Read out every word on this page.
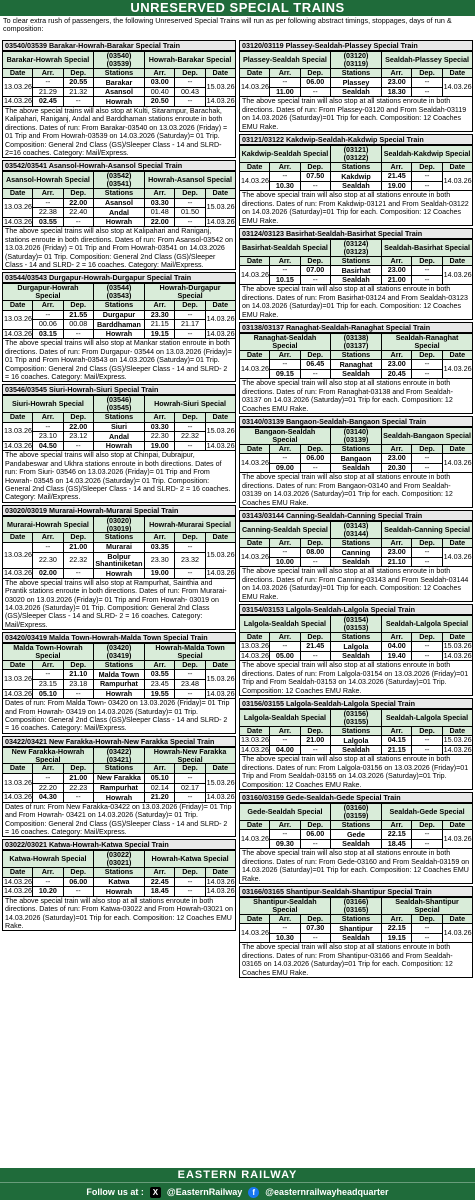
UNRESERVED SPECIAL TRAINS
To clear extra rush of passengers, the following Unreserved Special Trains will run as per following abstract timings, stoppages, days of run & composition:
03540/03539 Barakar-Howrah-Barakar Special Train
Barakar-Howrah Special			(03540)(03539)	Howrah-Barakar Special		
Date	Arr.	Dep.	Stations	Arr.	Dep.	Date
13.03.26	--	20.55	Barakar	03.00	--	15.03.26
	21.29	21.32	Asansol	00.40	00.43	
14.03.26	02.45	--	Howrah	20.50	--	14.03.26
The above special trains will also stop at Kulti, Sitarampur, Barachak, Kalipahari, Raniganj, Andal and Barddhaman stations enroute in both directions. Dates of run: From Barakar-03540 on 13.03.2026 (Friday) = 01 Trip and From Howrah-03539 on 14.03.2026 (Saturday)= 01 Trip. Composition: General 2nd Class (GS)/Sleeper Class - 14 and SLRD- 2=16 coaches. Category: Mail/Express.
03542/03541 Asansol-Howrah-Asansol Special Train
Asansol-Howrah Special			(03542)(03541)	Howrah-Asansol Special		
Date	Arr.	Dep.	Stations	Arr.	Dep.	Date
13.03.26	--	22.00	Asansol	03.30	--	15.03.26
	22.38	22.40	Andal	01.48	01.50	
14.03.26	03.55	--	Howrah	22.00	--	14.03.26
The above special trains will also stop at Kalipahari and Raniganj, stations enroute in both directions. Dates of run: From Asansol-03542 on 13.03.2026 (Friday) = 01 Trip and From Howrah-03541 on 14.03.2026 (Saturday)= 01 Trip. Composition: General 2nd Class (GS)/Sleeper Class - 14 and SLRD- 2 = 16 coaches. Category: Mail/Express.
03544/03543 Durgapur-Howrah-Durgapur Special Train
Durgapur-Howrah Special			(03544)(03543)	Howrah-Durgapur Special		
Date	Arr.	Dep.	Stations	Arr.	Dep.	Date
13.03.26	--	21.55	Durgapur	23.30	--	14.03.26
	00.06	00.08	Barddhaman	21.15	21.17	
14.03.26	03.15	--	Howrah	19.15	--	14.03.26
The above special trains will also stop at Mankar station enroute in both directions. Dates of run: From Durgapur- 03544 on 13.03.2026 (Friday)= 01 Trip and From Howrah-03543 on 14.03.2026 (Saturday)= 01 Trip. Composition: General 2nd Class (GS)/Sleeper Class - 14 and SLRD- 2 = 16 coaches. Category: Mail/Express.
03546/03545 Siuri-Howrah-Siuri Special Train
Siuri-Howrah Special			(03546)(03545)	Howrah-Siuri Special		
Date	Arr.	Dep.	Stations	Arr.	Dep.	Date
13.03.26	--	22.00	Siuri	03.30	--	15.03.26
	23.10	23.12	Andal	22.30	22.32	
14.03.26	04.50	--	Howrah	19.00	--	14.03.26
The above special trains will also stop at Chinpai, Dubrajpur, Pandabeswar and Ukhra stations enroute in both directions. Dates of run: From Siuri- 03546 on 13.03.2026 (Friday)= 01 Trip and From Howrah- 03545 on 14.03.2026 (Saturday)= 01 Trip. Composition: General 2nd Class (GS)/Sleeper Class - 14 and SLRD- 2 = 16 coaches. Category: Mail/Express.
03020/03019 Murarai-Howrah-Murarai Special Train
Murarai-Howrah Special			(03020)(03019)	Howrah-Murarai Special		
Date	Arr.	Dep.	Stations	Arr.	Dep.	Date
13.03.26	--	21.00	Murarai	03.35	--	15.03.26
	22.30	22.32	Bolpur Shantiniketan	23.30	23.32	
14.03.26	02.00	--	Howrah	19.00	--	14.03.26
The above special trains will also stop at Rampurhat, Sainthia and Prantik stations enroute in both directions. Dates of run: From Murarai- 03020 on 13.03.2026 (Friday)= 01 Trip and From Howrah- 03019 on 14.03.2026 (Saturday)= 01 Trip. Composition: General 2nd Class (GS)/Sleeper Class - 14 and SLRD- 2 = 16 coaches. Category: Mail/Express.
03420/03419 Malda Town-Howrah-Malda Town Special Train
Malda Town-Howrah Special			(03420)(03419)	Howrah-Malda Town Special		
Date	Arr.	Dep.	Stations	Arr.	Dep.	Date
13.03.26	--	21.10	Malda Town	03.55	--	15.03.26
	23.15	23.18	Rampurhat	23.45	23.48	
14.03.26	05.10	--	Howrah	19.55	--	14.03.26
Dates of run: From Malda Town- 03420 on 13.03.2026 (Friday)= 01 Trip and From Howrah- 03419 on 14.03.2026 (Saturday)= 01 Trip. Composition: General 2nd Class (GS)/Sleeper Class - 14 and SLRD- 2 = 16 coaches. Category: Mail/Express.
03422/03421 New Farakka-Howrah-New Farakka Special Train
New Farakka-Howrah Special			(03422)(03421)	Howrah-New Farakka Special		
Date	Arr.	Dep.	Stations	Arr.	Dep.	Date
13.03.26	--	21.00	New Farakka	05.10	--	15.03.26
	22.20	22.23	Rampurhat	02.14	02.17	
14.03.26	04.30	--	Howrah	21.20	--	14.03.26
Dates of run: From New Farakka-03422 on 13.03.2026 (Friday)= 01 Trip and From Howrah- 03421 on 14.03.2026 (Saturday)= 01 Trip. Composition: General 2nd Class (GS)/Sleeper Class - 14 and SLRD- 2 = 16 coaches. Category: Mail/Express.
03022/03021 Katwa-Howrah-Katwa Special Train
Katwa-Howrah Special			(03022)(03021)	Howrah-Katwa Special		
Date	Arr.	Dep.	Stations	Arr.	Dep.	Date
14.03.26	--	06.00	Katwa	22.45	--	14.03.26
14.03.26	10.20	--	Howrah	18.45	--	14.03.26
The above special train will also stop at all stations enroute in both directions. Dates of run: From Katwa-03022 and From Howrah-03021 on 14.03.2026 (Saturday)=01 Trip for each. Composition: 12 Coaches EMU Rake.
03120/03119 Plassey-Sealdah-Plassey Special Train
Plassey-Sealdah Special			(03120)(03119)	Sealdah-Plassey Special		
Date	Arr.	Dep.	Stations	Arr.	Dep.	Date
14.03.26	--	06.00	Plassey	23.00	--	14.03.26
	11.00	--	Sealdah	18.30	--	
The above special train will also stop at all stations enroute in both directions. Dates of run: From Plassey-03120 and From Sealdah-03119 on 14.03.2026 (Saturday)=01 Trip for each. Composition: 12 Coaches EMU Rake.
03121/03122 Kakdwip-Sealdah-Kakdwip Special Train
Kakdwip-Sealdah Special			(03121)(03122)	Sealdah-Kakdwip Special		
Date	Arr.	Dep.	Stations	Arr.	Dep.	Date
14.03.26	--	07.50	Kakdwip	21.45	--	14.03.26
	10.30	--	Sealdah	19.00	--	
The above special train will also stop at all stations enroute in both directions. Dates of run: From Kakdwip-03121 and From Sealdah-03122 on 14.03.2026 (Saturday)=01 Trip for each. Composition: 12 Coaches EMU Rake.
03124/03123 Basirhat-Sealdah-Basirhat Special Train
Basirhat-Sealdah Special			(03124)(03123)	Sealdah-Basirhat Special		
Date	Arr.	Dep.	Stations	Arr.	Dep.	Date
14.03.26	--	07.00	Basirhat	23.00	--	14.03.26
	10.15	--	Sealdah	21.00	--	
The above special train will also stop at all stations enroute in both directions. Dates of run: From Basirhat-03124 and From Sealdah-03123 on 14.03.2026 (Saturday)=01 Trip for each. Composition: 12 Coaches EMU Rake.
03138/03137 Ranaghat-Sealdah-Ranaghat Special Train
Ranaghat-Sealdah Special			(03138)(03137)	Sealdah-Ranaghat Special		
Date	Arr.	Dep.	Stations	Arr.	Dep.	Date
14.03.26	--	06.45	Ranaghat	23.00	--	14.03.26
	09.15	--	Sealdah	20.45	--	
The above special train will also stop at all stations enroute in both directions. Dates of run: From Ranaghat-03138 and From Sealdah-03137 on 14.03.2026 (Saturday)=01 Trip for each. Composition: 12 Coaches EMU Rake.
03140/03139 Bangaon-Sealdah-Bangaon Special Train
Bangaon-Sealdah Special			(03140)(03139)	Sealdah-Bangaon Special		
Date	Arr.	Dep.	Stations	Arr.	Dep.	Date
14.03.26	--	06.00	Bangaon	23.00	--	14.03.26
	09.00	--	Sealdah	20.30	--	
The above special train will also stop at all stations enroute in both directions. Dates of run: From Bangaon-03140 and From Sealdah-03139 on 14.03.2026 (Saturday)=01 Trip for each. Composition: 12 Coaches EMU Rake.
03143/03144 Canning-Sealdah-Canning Special Train
Canning-Sealdah Special			(03143)(03144)	Sealdah-Canning Special		
Date	Arr.	Dep.	Stations	Arr.	Dep.	Date
14.03.26	--	08.00	Canning	23.00	--	14.03.26
	10.00	--	Sealdah	21.10	--	
The above special train will also stop at all stations enroute in both directions. Dates of run: From Canning-03143 and From Sealdah-03144 on 14.03.2026 (Saturday)=01 Trip for each. Composition: 12 Coaches EMU Rake.
03154/03153 Lalgola-Sealdah-Lalgola Special Train
Lalgola-Sealdah Special			(03154)(03153)	Sealdah-Lalgola Special		
Date	Arr.	Dep.	Stations	Arr.	Dep.	Date
13.03.26	--	21.45	Lalgola	04.00	--	15.03.26
14.03.26	05.00	--	Sealdah	19.40	--	14.03.26
The above special train will also stop at all stations enroute in both directions. Dates of run: From Lalgola-03154 on 13.03.2026 (Friday)=01 Trip and From Sealdah-03153 on 14.03.2026 (Saturday)=01 Trip. Composition: 12 Coaches EMU Rake.
03156/03155 Lalgola-Sealdah-Lalgola Special Train
Lalgola-Sealdah Special			(03156)(03155)	Sealdah-Lalgola Special		
Date	Arr.	Dep.	Stations	Arr.	Dep.	Date
13.03.26	--	21.00	Lalgola	04.15	--	15.03.26
14.03.26	04.00	--	Sealdah	21.15	--	14.03.26
The above special train will also stop at all stations enroute in both directions. Dates of run: From Lalgola-03156 on 13.03.2026 (Friday)=01 Trip and From Sealdah-03155 on 14.03.2026 (Saturday)=01 Trip. Composition: 12 Coaches EMU Rake.
03160/03159 Gede-Sealdah-Gede Special Train
Gede-Sealdah Special			(03160)(03159)	Sealdah-Gede Special		
Date	Arr.	Dep.	Stations	Arr.	Dep.	Date
14.03.26	--	06.00	Gede	22.15	--	14.03.26
	09.30	--	Sealdah	18.45	--	
The above special train will also stop at all stations enroute in both directions. Dates of run: From Gede-03160 and From Sealdah-03159 on 14.03.2026 (Saturday)=01 Trip for each. Composition: 12 Coaches EMU Rake.
03166/03165 Shantipur-Sealdah-Shantipur Special Train
Shantipur-Sealdah Special			(03166)(03165)	Sealdah-Shantipur Special		
Date	Arr.	Dep.	Stations	Arr.	Dep.	Date
14.03.26	--	07.30	Shantipur	22.15	--	14.03.26
	10.30	--	Sealdah	19.15	--	
The above special train will also stop at all stations enroute in both directions. Dates of run: From Shantipur-03166 and From Sealdah-03165 on 14.03.2026 (Saturday)=01 Trip for each. Composition: 12 Coaches EMU Rake.
EASTERN RAILWAY
Follow us at :	X @EasternRailway	f	@easternrailwayheadquarter
